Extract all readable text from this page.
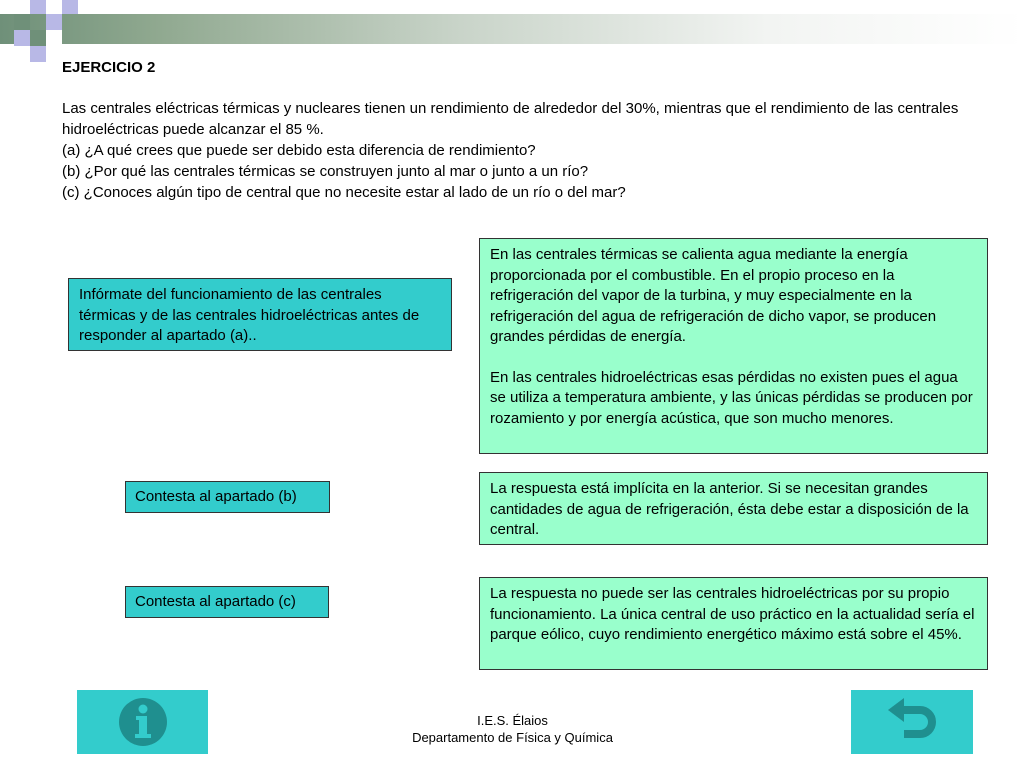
EJERCICIO 2

Las centrales eléctricas térmicas y nucleares tienen un rendimiento de alrededor del 30%, mientras que el rendimiento de las centrales hidroeléctricas puede alcanzar el 85 %.

(a) ¿A qué crees que puede ser debido esta diferencia de rendimiento?

(b) ¿Por qué las centrales térmicas se construyen junto al mar o junto a un río?

(c) ¿Conoces algún tipo de central que no necesite estar al lado de un río o del mar?

Infórmate del funcionamiento de las centrales térmicas y de las centrales hidroeléctricas antes de responder al apartado (a)..

Contesta al apartado (b)

Contesta al apartado (c)

En las centrales térmicas se calienta agua mediante la energía proporcionada por el combustible. En el propio proceso en la refrigeración del vapor de la turbina, y muy especialmente en la refrigeración del agua de refrigeración de dicho vapor, se producen grandes pérdidas de energía.

En las centrales hidroeléctricas esas pérdidas no existen pues el agua se utiliza a temperatura ambiente, y las únicas pérdidas se producen por rozamiento y por energía acústica, que son mucho menores.

La respuesta está implícita en la anterior. Si se necesitan grandes cantidades de agua de refrigeración, ésta debe estar a disposición de la central.

La respuesta no puede ser las centrales hidroeléctricas por su propio funcionamiento. La única central de uso práctico en la actualidad sería el parque eólico, cuyo rendimiento energético máximo está sobre el 45%.

I.E.S. Élaios
Departamento de Física y Química
